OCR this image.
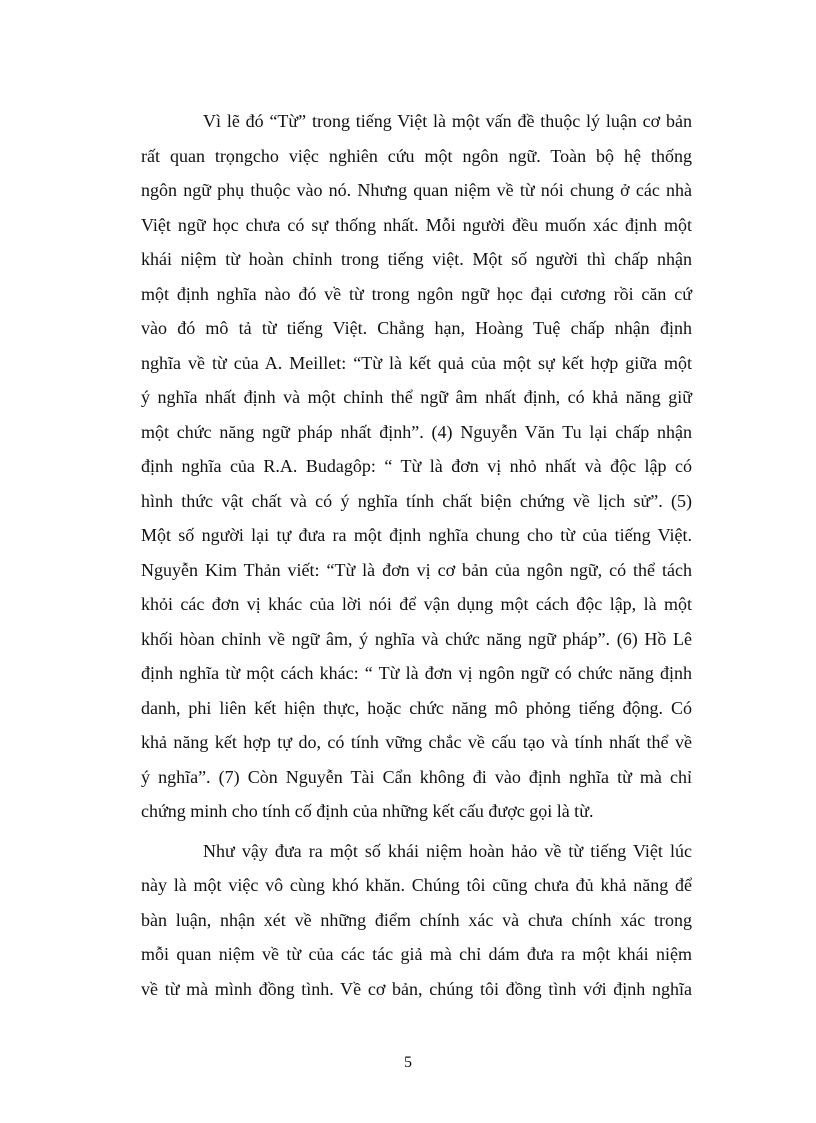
Vì lẽ đó “Từ” trong tiếng Việt là một vấn đề thuộc lý luận cơ bản
rất quan trọngcho việc nghiên cứu một ngôn ngữ. Toàn bộ hệ thống
ngôn ngữ phụ thuộc vào nó. Nhưng quan niệm về từ nói chung ở các nhà
Việt ngữ học chưa có sự thống nhất. Mỗi người đều muốn xác định một
khái niệm từ hoàn chỉnh trong tiếng việt. Một số người thì chấp nhận
một định nghĩa nào đó về từ trong ngôn ngữ học đại cương rồi căn cứ
vào đó mô tả từ tiếng Việt. Chẳng hạn, Hoàng Tuệ chấp nhận định
nghĩa về từ của A. Meillet: “Từ là kết quả của một sự kết hợp giữa một
ý nghĩa nhất định và một chỉnh thể ngữ âm nhất định, có khả năng giữ
một chức năng ngữ pháp nhất định”. (4) Nguyễn Văn Tu lại chấp nhận
định nghĩa của R.A. Budagôp: “ Từ là đơn vị nhỏ nhất và độc lập có
hình thức vật chất và có ý nghĩa tính chất biện chứng về lịch sử”. (5)
Một số người lại tự đưa ra một định nghĩa chung cho từ của tiếng Việt.
Nguyễn Kim Thản viết: “Từ là đơn vị cơ bản của ngôn ngữ, có thể tách
khỏi các đơn vị khác của lời nói để vận dụng một cách độc lập, là một
khối hòan chỉnh về ngữ âm, ý nghĩa và chức năng ngữ pháp”. (6) Hồ Lê
định nghĩa từ một cách khác: “ Từ là đơn vị ngôn ngữ có chức năng định
danh, phi liên kết hiện thực, hoặc chức năng mô phỏng tiếng động. Có
khả năng kết hợp tự do, có tính vững chắc về cấu tạo và tính nhất thể về
ý nghĩa”. (7) Còn Nguyễn Tài Cẩn không đi vào định nghĩa từ mà chỉ
chứng minh cho tính cố định của những kết cấu được gọi là từ.
Như vậy đưa ra một số khái niệm hoàn hảo về từ tiếng Việt lúc
này là một việc vô cùng khó khăn. Chúng tôi cũng chưa đủ khả năng để
bàn luận, nhận xét về những điểm chính xác và chưa chính xác trong
mỗi quan niệm về từ của các tác giả mà chỉ dám đưa ra một khái niệm
về từ mà mình đồng tình. Về cơ bản, chúng tôi đồng tình với định nghĩa
5
